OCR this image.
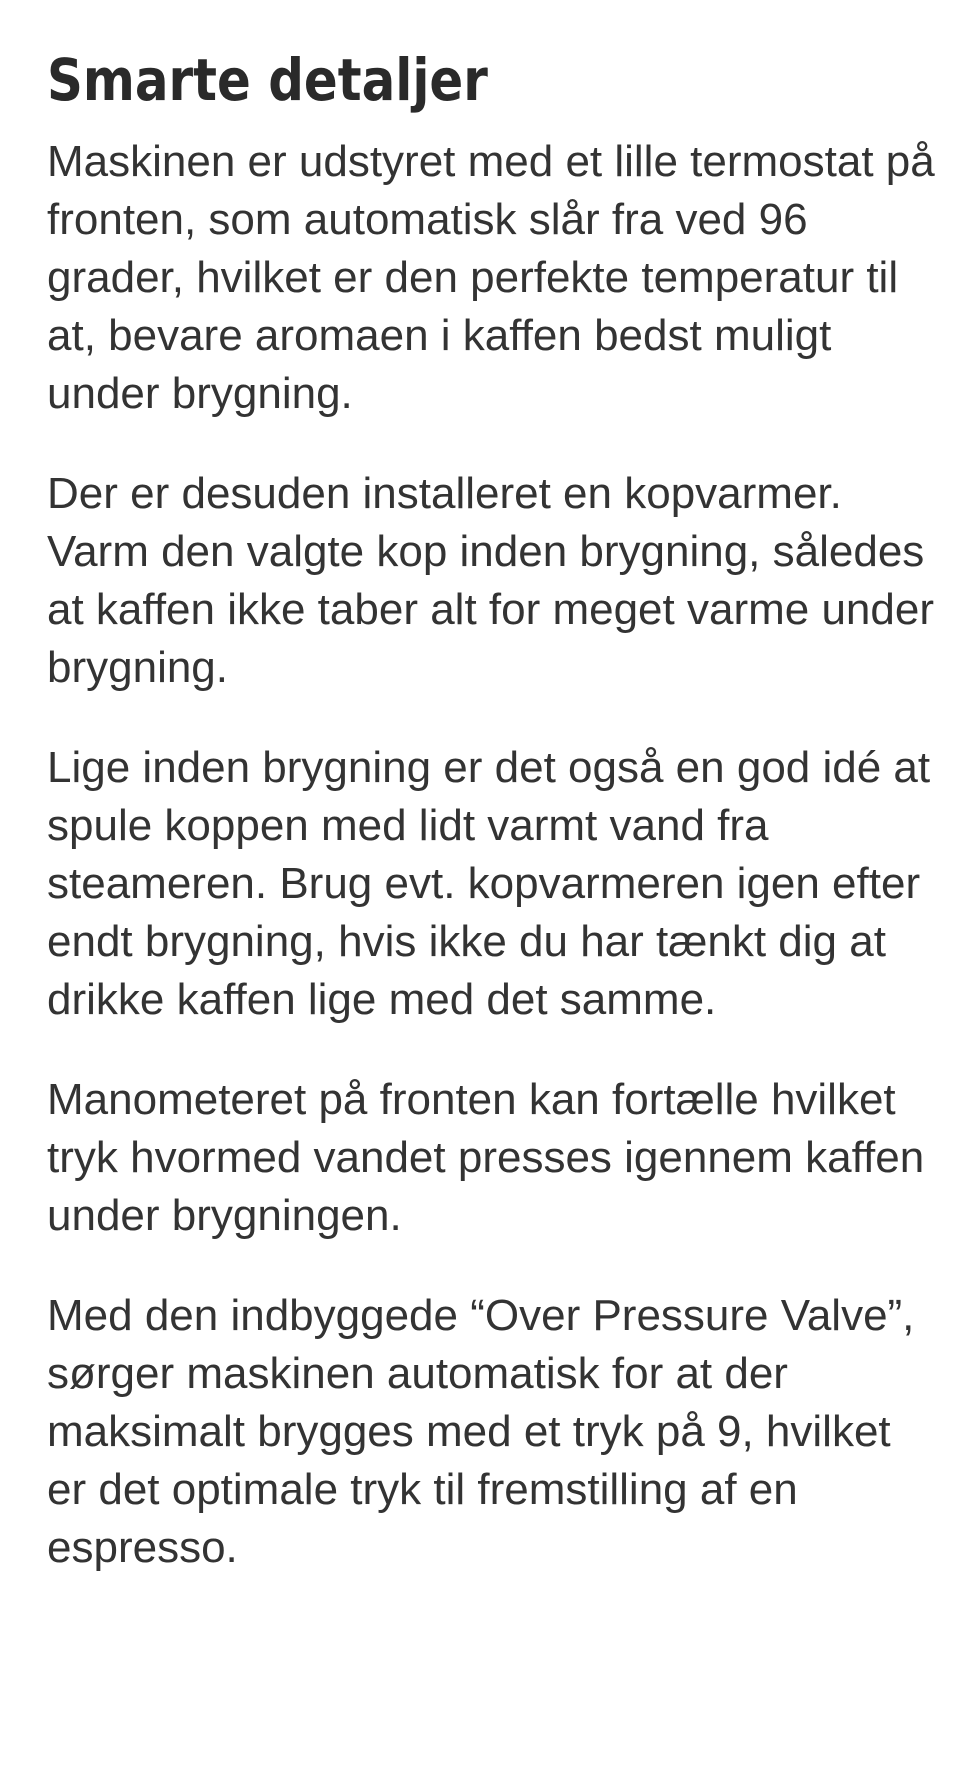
Smarte detaljer

Maskinen er udstyret med et lille termostat på fronten, som automatisk slår fra ved 96 grader, hvilket er den perfekte temperatur til at, bevare aromaen i kaffen bedst muligt under brygning.

Der er desuden installeret en kopvarmer. Varm den valgte kop inden brygning, således at kaffen ikke taber alt for meget varme under brygning.

Lige inden brygning er det også en god idé at spule koppen med lidt varmt vand fra steameren. Brug evt. kopvarmeren igen efter endt brygning, hvis ikke du har tænkt dig at drikke kaffen lige med det samme.

Manometeret på fronten kan fortælle hvilket tryk hvormed vandet presses igennem kaffen under brygningen.

Med den indbyggede “Over Pressure Valve”, sørger maskinen automatisk for at der maksimalt brygges med et tryk på 9, hvilket er det optimale tryk til fremstilling af en espresso.
